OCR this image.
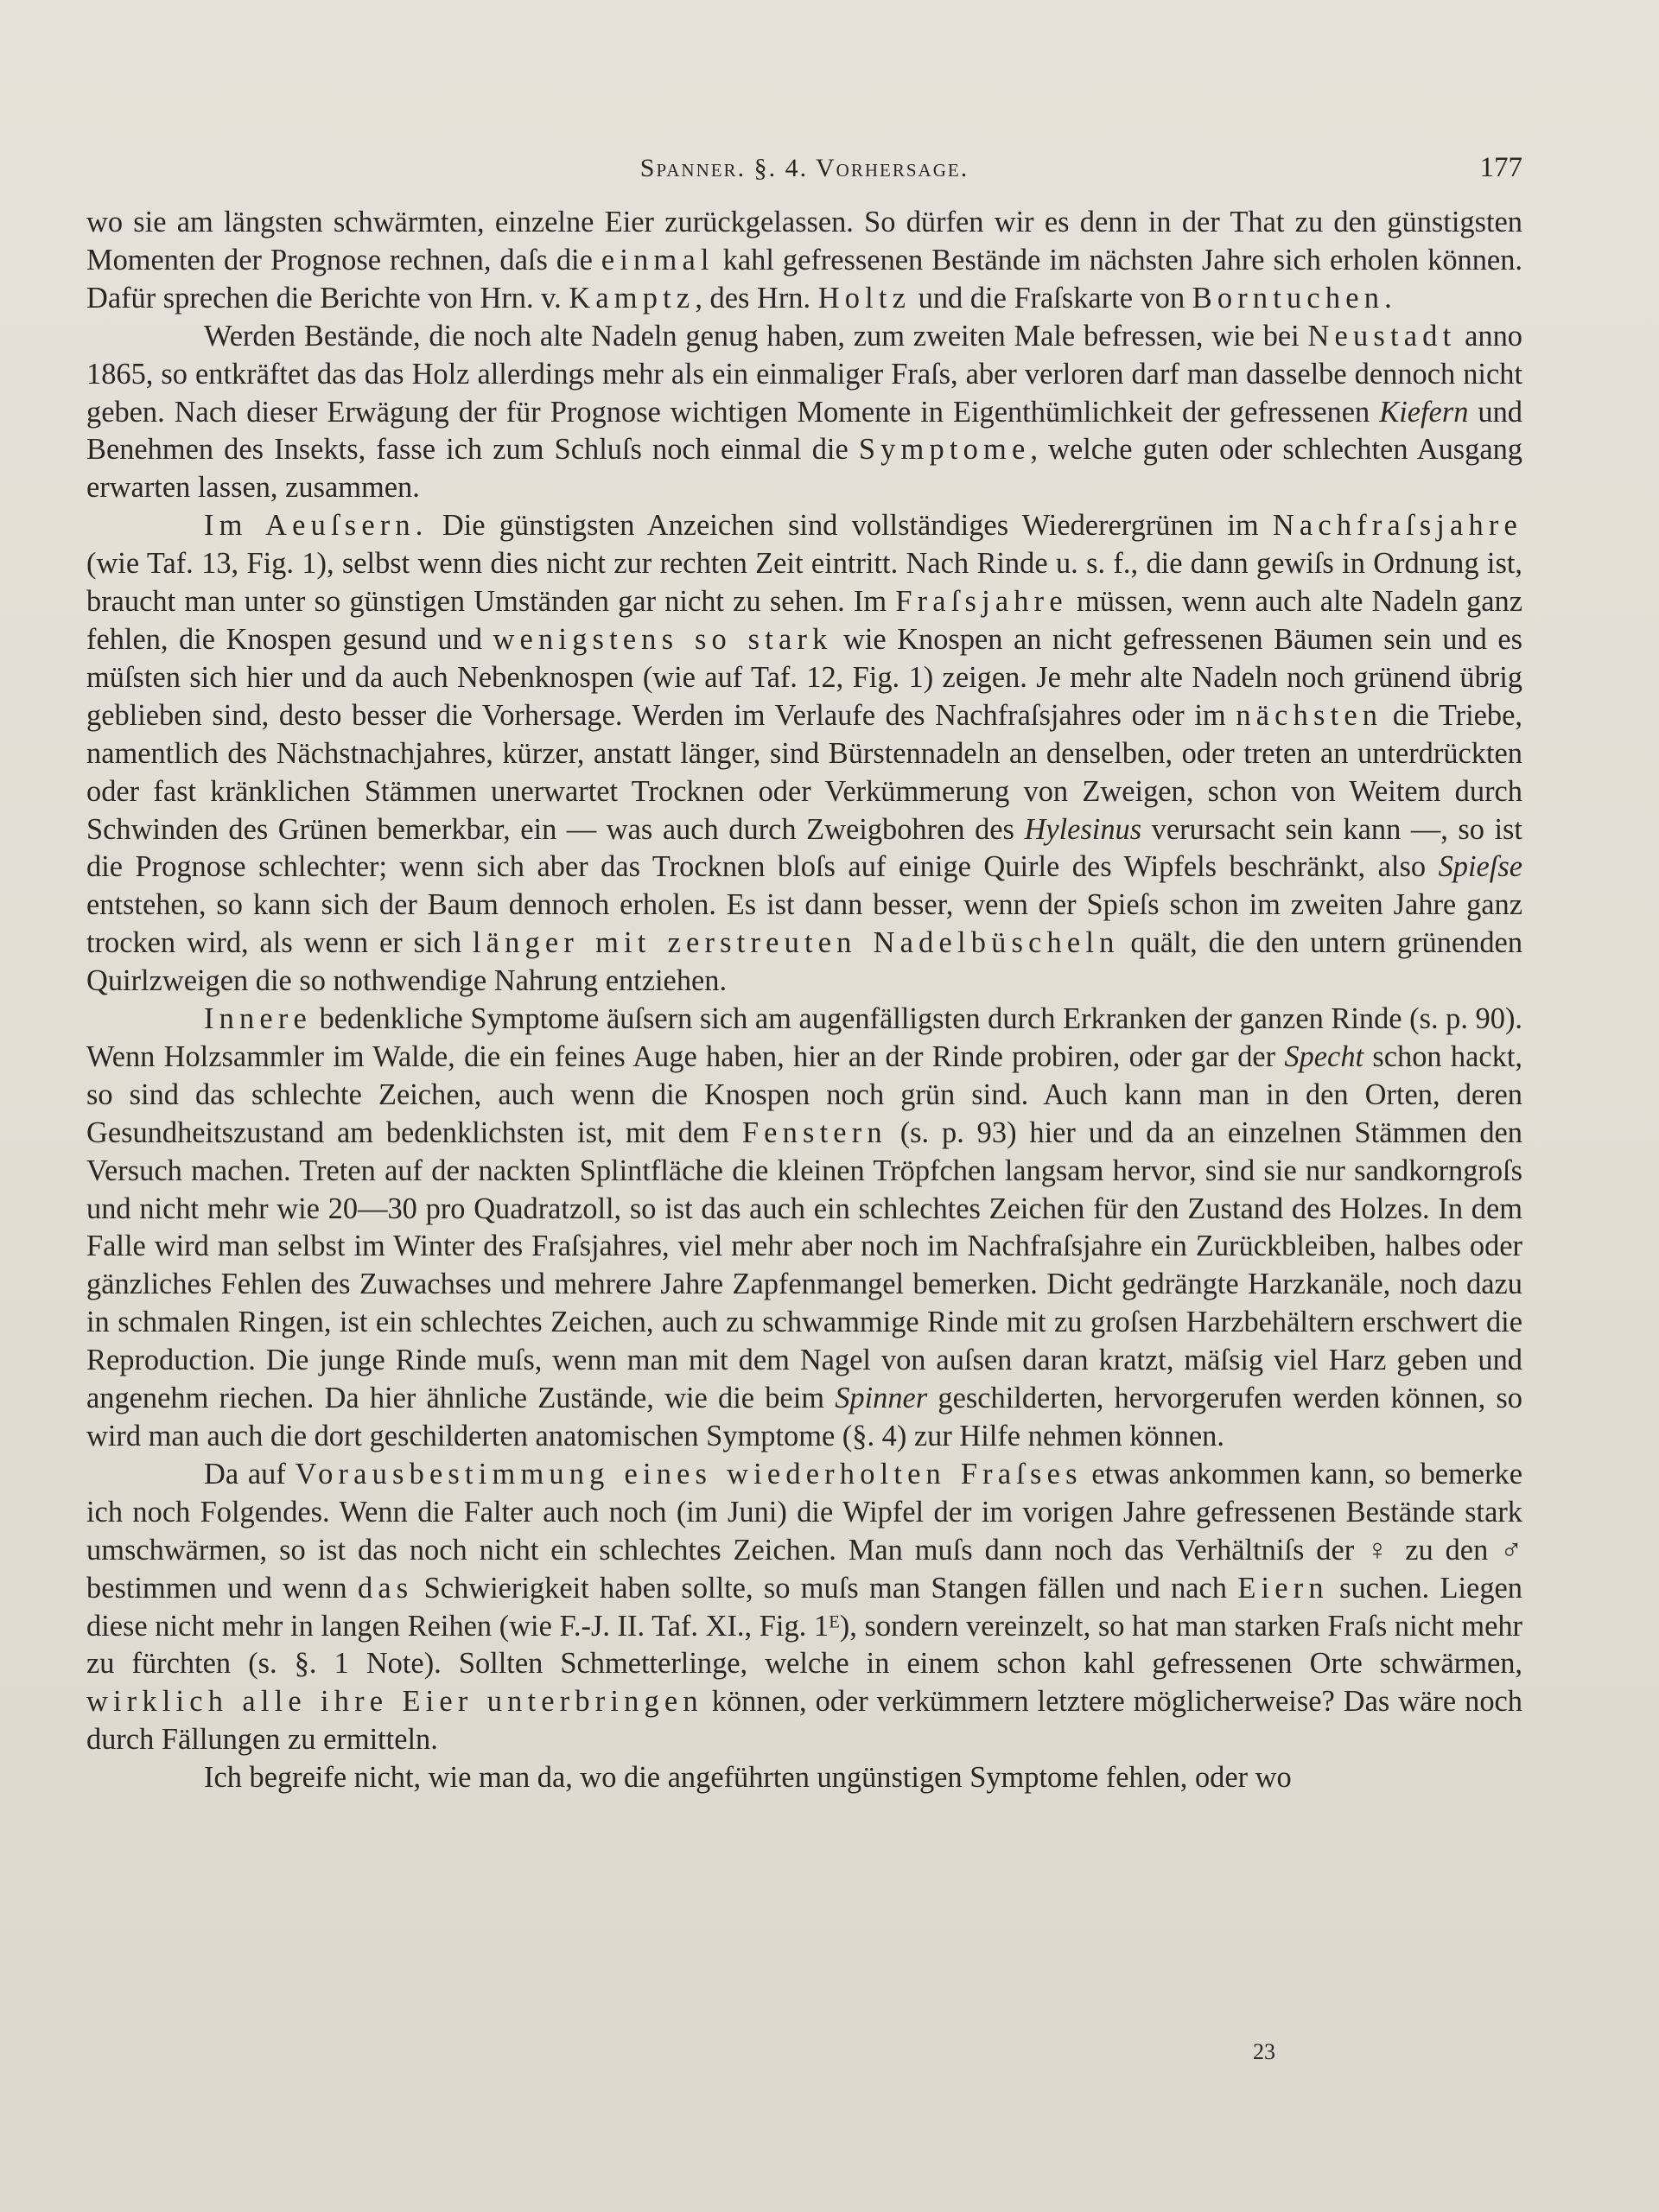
Spanner. §. 4. Vorhersage.	177

wo sie am längsten schwärmten, einzelne Eier zurückgelassen. So dürfen wir es denn in der That zu den günstigsten Momenten der Prognose rechnen, daſs die einmal kahl gefressenen Bestände im nächsten Jahre sich erholen können. Dafür sprechen die Berichte von Hrn. v. Kamptz, des Hrn. Holtz und die Fraſskarte von Borntuchen.

Werden Bestände, die noch alte Nadeln genug haben, zum zweiten Male befressen, wie bei Neustadt anno 1865, so entkräftet das das Holz allerdings mehr als ein einmaliger Fraſs, aber verloren darf man dasselbe dennoch nicht geben. Nach dieser Erwägung der für Prognose wichtigen Momente in Eigenthümlichkeit der gefressenen Kiefern und Benehmen des Insekts, fasse ich zum Schluſs noch einmal die Symptome, welche guten oder schlechten Ausgang erwarten lassen, zusammen.

Im Aeuſsern. Die günstigsten Anzeichen sind vollständiges Wiederergrünen im Nachfraſsjahre (wie Taf. 13, Fig. 1), selbst wenn dies nicht zur rechten Zeit eintritt. Nach Rinde u. s. f., die dann gewiſs in Ordnung ist, braucht man unter so günstigen Umständen gar nicht zu sehen. Im Fraſsjahre müssen, wenn auch alte Nadeln ganz fehlen, die Knospen gesund und wenigstens so stark wie Knospen an nicht gefressenen Bäumen sein und es müſsten sich hier und da auch Nebenknospen (wie auf Taf. 12, Fig. 1) zeigen. Je mehr alte Nadeln noch grünend übrig geblieben sind, desto besser die Vorhersage. Werden im Verlaufe des Nachfraſsjahres oder im nächsten die Triebe, namentlich des Nächstnachjahres, kürzer, anstatt länger, sind Bürstennadeln an denselben, oder treten an unterdrückten oder fast kränklichen Stämmen unerwartet Trocknen oder Verkümmerung von Zweigen, schon von Weitem durch Schwinden des Grünen bemerkbar, ein — was auch durch Zweigbohren des Hylesinus verursacht sein kann —, so ist die Prognose schlechter; wenn sich aber das Trocknen bloſs auf einige Quirle des Wipfels beschränkt, also Spieſse entstehen, so kann sich der Baum dennoch erholen. Es ist dann besser, wenn der Spieſs schon im zweiten Jahre ganz trocken wird, als wenn er sich länger mit zerstreuten Nadelbüscheln quält, die den untern grünenden Quirlzweigen die so nothwendige Nahrung entziehen.

Innere bedenkliche Symptome äuſsern sich am augenfälligsten durch Erkranken der ganzen Rinde (s. p. 90). Wenn Holzsammler im Walde, die ein feines Auge haben, hier an der Rinde probiren, oder gar der Specht schon hackt, so sind das schlechte Zeichen, auch wenn die Knospen noch grün sind. Auch kann man in den Orten, deren Gesundheitszustand am bedenklichsten ist, mit dem Fenstern (s. p. 93) hier und da an einzelnen Stämmen den Versuch machen. Treten auf der nackten Splintfläche die kleinen Tröpfchen langsam hervor, sind sie nur sandkorngroſs und nicht mehr wie 20—30 pro Quadratzoll, so ist das auch ein schlechtes Zeichen für den Zustand des Holzes. In dem Falle wird man selbst im Winter des Fraſsjahres, viel mehr aber noch im Nachfraſsjahre ein Zurückbleiben, halbes oder gänzliches Fehlen des Zuwachses und mehrere Jahre Zapfenmangel bemerken. Dicht gedrängte Harzkanäle, noch dazu in schmalen Ringen, ist ein schlechtes Zeichen, auch zu schwammige Rinde mit zu groſsen Harzbehältern erschwert die Reproduction. Die junge Rinde muſs, wenn man mit dem Nagel von auſsen daran kratzt, mäſsig viel Harz geben und angenehm riechen. Da hier ähnliche Zustände, wie die beim Spinner geschilderten, hervorgerufen werden können, so wird man auch die dort geschilderten anatomischen Symptome (§. 4) zur Hilfe nehmen können.

Da auf Vorausbestimmung eines wiederholten Fraſses etwas ankommen kann, so bemerke ich noch Folgendes. Wenn die Falter auch noch (im Juni) die Wipfel der im vorigen Jahre gefressenen Bestände stark umschwärmen, so ist das noch nicht ein schlechtes Zeichen. Man muſs dann noch das Verhältniſs der ♀ zu den ♂ bestimmen und wenn das Schwierigkeit haben sollte, so muſs man Stangen fällen und nach Eiern suchen. Liegen diese nicht mehr in langen Reihen (wie F.-J. II. Taf. XI., Fig. 1ᴱ), sondern vereinzelt, so hat man starken Fraſs nicht mehr zu fürchten (s. §. 1 Note). Sollten Schmetterlinge, welche in einem schon kahl gefressenen Orte schwärmen, wirklich alle ihre Eier unterbringen können, oder verkümmern letztere möglicherweise? Das wäre noch durch Fällungen zu ermitteln.

Ich begreife nicht, wie man da, wo die angeführten ungünstigen Symptome fehlen, oder wo

23
